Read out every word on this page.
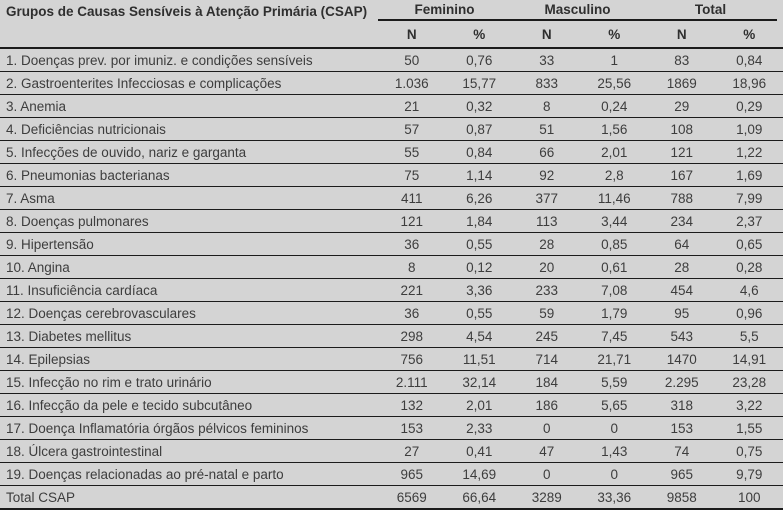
Grupos de Causas Sensíveis à Atenção Primária (CSAP)	Feminino	Masculino	Total
N	%	N	%	N	%
1. Doenças prev. por imuniz. e condições sensíveis	50	0,76	33	1	83	0,84
2. Gastroenterites Infecciosas e complicações	1.036	15,77	833	25,56	1869	18,96
3. Anemia	21	0,32	8	0,24	29	0,29
4. Deficiências nutricionais	57	0,87	51	1,56	108	1,09
5. Infecções de ouvido, nariz e garganta	55	0,84	66	2,01	121	1,22
6. Pneumonias bacterianas	75	1,14	92	2,8	167	1,69
7. Asma	411	6,26	377	11,46	788	7,99
8. Doenças pulmonares	121	1,84	113	3,44	234	2,37
9. Hipertensão	36	0,55	28	0,85	64	0,65
10. Angina	8	0,12	20	0,61	28	0,28
11. Insuficiência cardíaca	221	3,36	233	7,08	454	4,6
12. Doenças cerebrovasculares	36	0,55	59	1,79	95	0,96
13. Diabetes mellitus	298	4,54	245	7,45	543	5,5
14. Epilepsias	756	11,51	714	21,71	1470	14,91
15. Infecção no rim e trato urinário	2.111	32,14	184	5,59	2.295	23,28
16. Infecção da pele e tecido subcutâneo	132	2,01	186	5,65	318	3,22
17. Doença Inflamatória órgãos pélvicos femininos	153	2,33	0	0	153	1,55
18. Úlcera gastrointestinal	27	0,41	47	1,43	74	0,75
19. Doenças relacionadas ao pré-natal e parto	965	14,69	0	0	965	9,79
Total CSAP	6569	66,64	3289	33,36	9858	100
